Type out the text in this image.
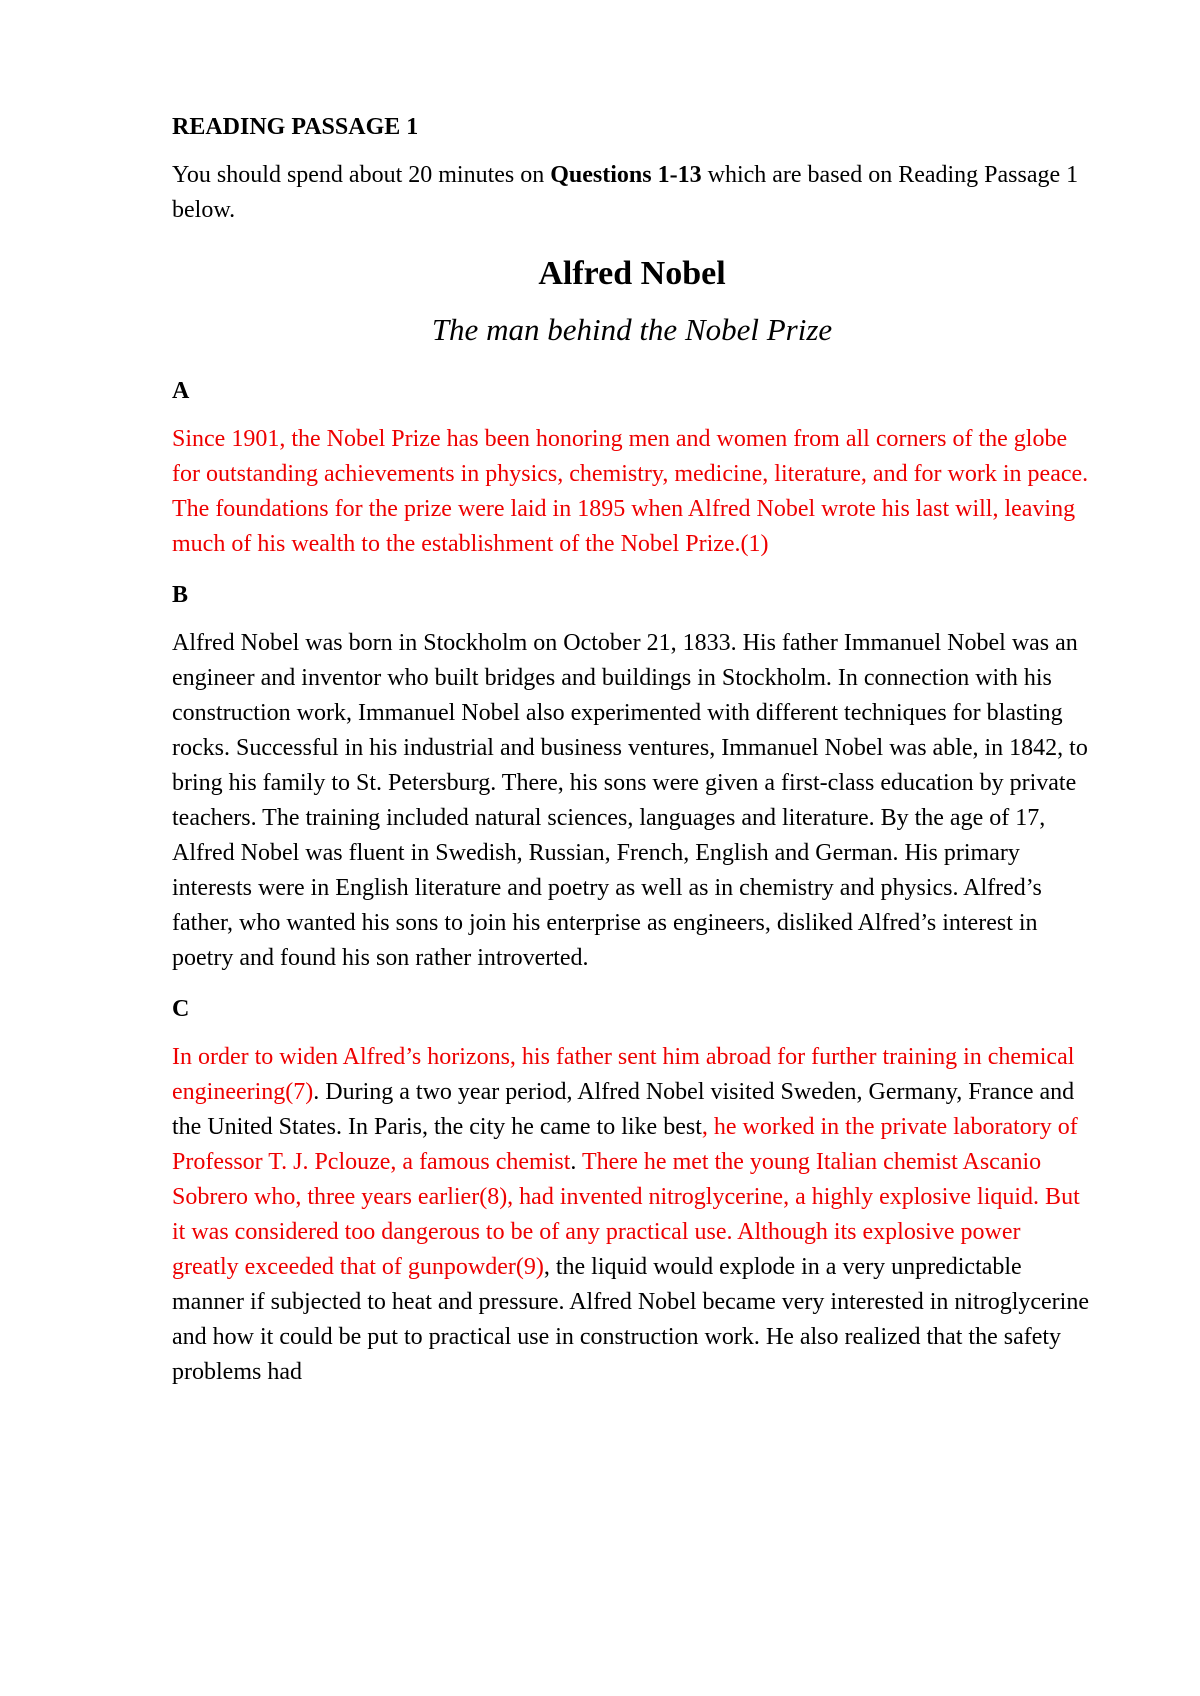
READING PASSAGE 1
You should spend about 20 minutes on Questions 1-13 which are based on Reading Passage 1 below.
Alfred Nobel
The man behind the Nobel Prize
A

Since 1901, the Nobel Prize has been honoring men and women from all corners of the globe for outstanding achievements in physics, chemistry, medicine, literature, and for work in peace. The foundations for the prize were laid in 1895 when Alfred Nobel wrote his last will, leaving much of his wealth to the establishment of the Nobel Prize.(1)

B

Alfred Nobel was born in Stockholm on October 21, 1833. His father Immanuel Nobel was an engineer and inventor who built bridges and buildings in Stockholm. In connection with his construction work, Immanuel Nobel also experimented with different techniques for blasting rocks. Successful in his industrial and business ventures, Immanuel Nobel was able, in 1842, to bring his family to St. Petersburg. There, his sons were given a first-class education by private teachers. The training included natural sciences, languages and literature. By the age of 17, Alfred Nobel was fluent in Swedish, Russian, French, English and German. His primary interests were in English literature and poetry as well as in chemistry and physics. Alfred’s father, who wanted his sons to join his enterprise as engineers, disliked Alfred’s interest in poetry and found his son rather introverted.

C

In order to widen Alfred’s horizons, his father sent him abroad for further training in chemical engineering(7). During a two year period, Alfred Nobel visited Sweden, Germany, France and the United States. In Paris, the city he came to like best, he worked in the private laboratory of Professor T. J. Pclouze, a famous chemist. There he met the young Italian chemist Ascanio Sobrero who, three years earlier(8), had invented nitroglycerine, a highly explosive liquid. But it was considered too dangerous to be of any practical use. Although its explosive power greatly exceeded that of gunpowder(9), the liquid would explode in a very unpredictable manner if subjected to heat and pressure. Alfred Nobel became very interested in nitroglycerine and how it could be put to practical use in construction work. He also realized that the safety problems had
